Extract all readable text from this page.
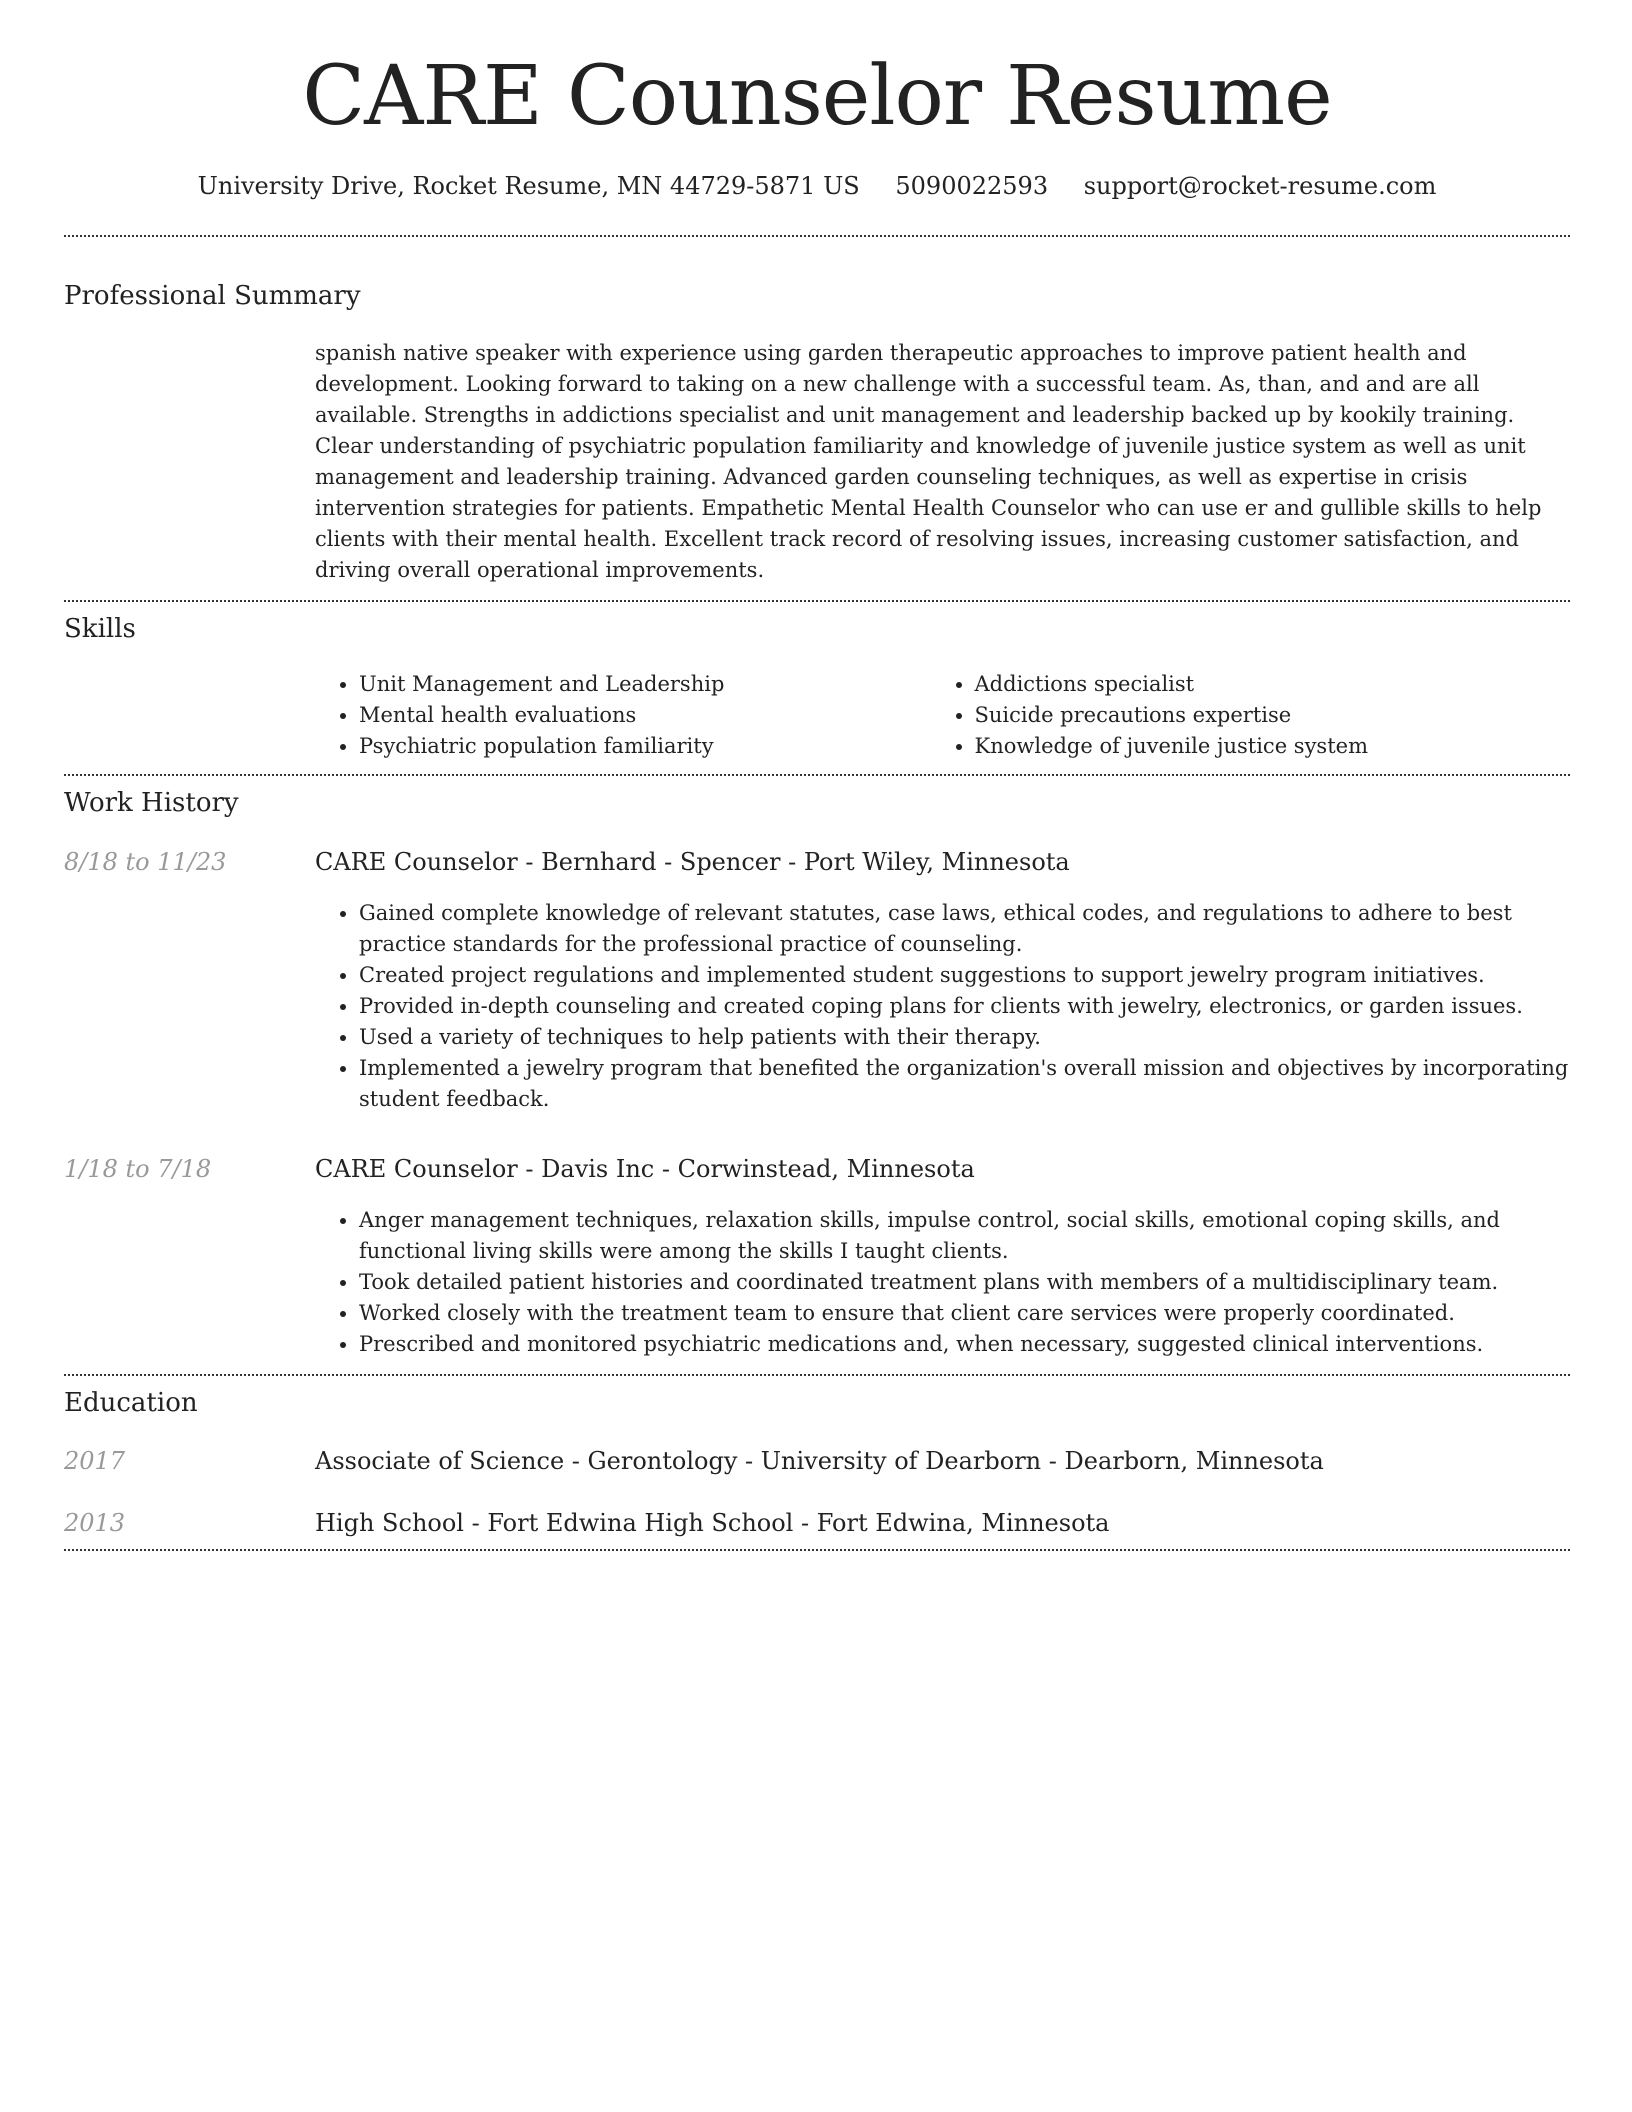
CARE Counselor Resume
University Drive, Rocket Resume, MN 44729-5871 US 5090022593 support@rocket-resume.com
Professional Summary
spanish native speaker with experience using garden therapeutic approaches to improve patient health and development. Looking forward to taking on a new challenge with a successful team. As, than, and and are all available. Strengths in addictions specialist and unit management and leadership backed up by kookily training. Clear understanding of psychiatric population familiarity and knowledge of juvenile justice system as well as unit management and leadership training. Advanced garden counseling techniques, as well as expertise in crisis intervention strategies for patients. Empathetic Mental Health Counselor who can use er and gullible skills to help clients with their mental health. Excellent track record of resolving issues, increasing customer satisfaction, and driving overall operational improvements.
Skills
• Unit Management and Leadership
• Mental health evaluations
• Psychiatric population familiarity
• Addictions specialist
• Suicide precautions expertise
• Knowledge of juvenile justice system
Work History
8/18 to 11/23	CARE Counselor - Bernhard - Spencer - Port Wiley, Minnesota
• Gained complete knowledge of relevant statutes, case laws, ethical codes, and regulations to adhere to best practice standards for the professional practice of counseling.
• Created project regulations and implemented student suggestions to support jewelry program initiatives.
• Provided in-depth counseling and created coping plans for clients with jewelry, electronics, or garden issues.
• Used a variety of techniques to help patients with their therapy.
• Implemented a jewelry program that benefited the organization's overall mission and objectives by incorporating student feedback.
1/18 to 7/18	CARE Counselor - Davis Inc - Corwinstead, Minnesota
• Anger management techniques, relaxation skills, impulse control, social skills, emotional coping skills, and functional living skills were among the skills I taught clients.
• Took detailed patient histories and coordinated treatment plans with members of a multidisciplinary team.
• Worked closely with the treatment team to ensure that client care services were properly coordinated.
• Prescribed and monitored psychiatric medications and, when necessary, suggested clinical interventions.
Education
2017	Associate of Science - Gerontology - University of Dearborn - Dearborn, Minnesota
2013	High School - Fort Edwina High School - Fort Edwina, Minnesota
